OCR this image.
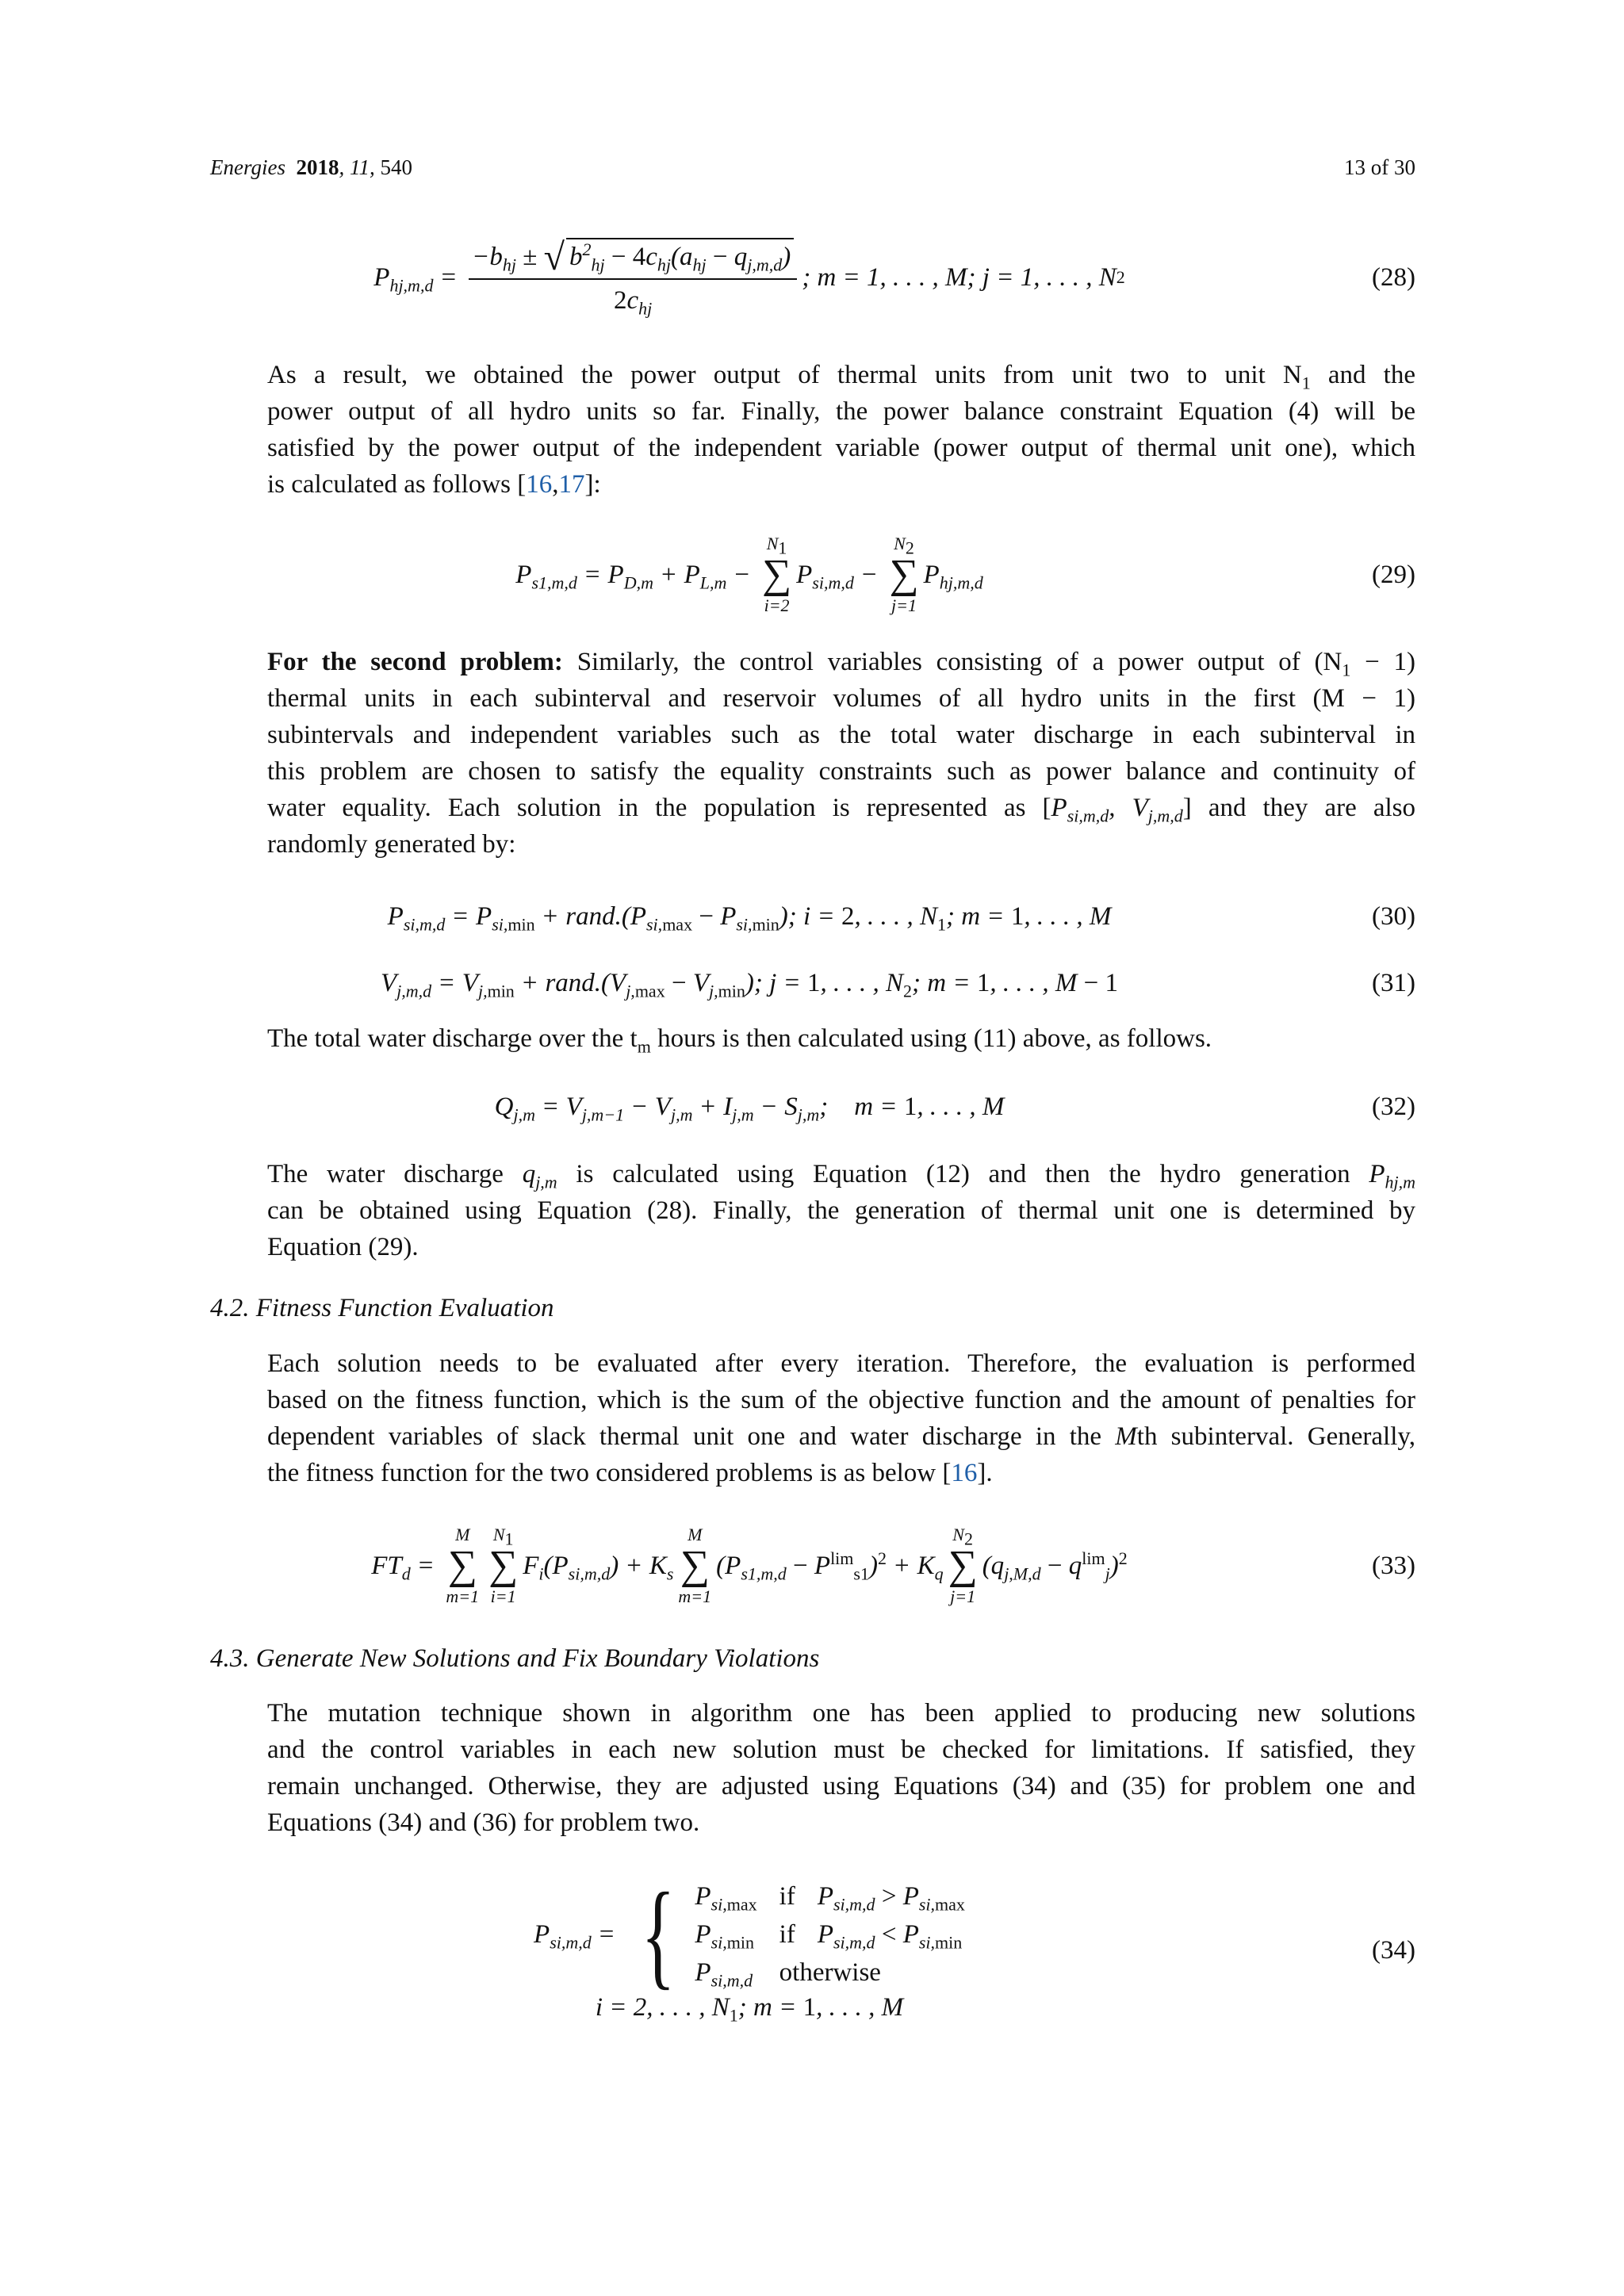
Energies 2018, 11, 540	13 of 30
$P_{hj,m,d} = \frac{-b_{hj} \pm √ b^2_{hj} - 4c_{hj}(a_{hj} - q_{j,m,d})}{2c_{hj}}$ ; m = 1, . . . , M; j = 1, . . . , N 2	(28)
As a result, we obtained the power output of thermal units from unit two to unit $N_1$ and the
power output of all hydro units so far. Finally, the power balance constraint Equation (4) will be
satisfied by the power output of the independent variable (power output of thermal unit one), which
is calculated as follows [16,17]:
$P_{s1,m,d} = P_{D,m} + P_{L,m}$ −
$N_1$
∑
i=2
$P_{si,m,d}$ −
$N_2$
∑
j=1
$P_{hj,m,d}$	(29)
For the second problem: Similarly, the control variables consisting of a power output of $(N_1 - 1)$
thermal units in each subinterval and reservoir volumes of all hydro units in the first (M − 1)
subintervals and independent variables such as the total water discharge in each subinterval in
this problem are chosen to satisfy the equality constraints such as power balance and continuity of
water equality. Each solution in the population is represented as [$P_{si,m,d}$, $V_{j,m,d}$] and they are also
randomly generated by:
$P_{si,m,d} = P_{si,min}$ + $rand.(P_{si,max} - P_{si,min})$;
i = 2, . . . , $N_1$; m = 1, . . . , M	(30)
$V_{j,m,d} = V_{j,min}$ + $rand.(V_{j,max} - V_{j,min})$;
j = 1, . . . , $N_2$; m = 1, . . . , M − 1	(31)
The total water discharge over the $t_m$ hours is then calculated using (11) above, as follows.
$Q_{j,m} = V_{j,m-1} - V_{j,m} + I_{j,m} - S_{j,m}$;
m = 1, . . . , M	(32)
The water discharge $q_{j,m}$ is calculated using Equation (12) and then the hydro generation $P_{hj,m}$
can be obtained using Equation (28). Finally, the generation of thermal unit one is determined by
Equation (29).
4.2. Fitness Function Evaluation
Each solution needs to be evaluated after every iteration. Therefore, the evaluation is performed
based on the fitness function, which is the sum of the objective function and the amount of penalties for
dependent variables of slack thermal unit one and water discharge in the Mth subinterval. Generally,
the fitness function for the two considered problems is as below [16].
$FT_d$ =
M
∑
m=1
$N_1$
∑
i=1
$F_i(P_{si,m,d}) + K_s$
M
∑
m=1
$(P_{s1,m,d} - P^{lim}_{s1})^2 + K_q$
$N_2$
∑
j=1
$(q_{j,M,d} - q^{lim}_j)^2$	(33)
4.3. Generate New Solutions and Fix Boundary Violations
The mutation technique shown in algorithm one has been applied to producing new solutions
and the control variables in each new solution must be checked for limitations. If satisfied, they
remain unchanged. Otherwise, they are adjusted using Equations (34) and (35) for problem one and
Equations (34) and (36) for problem two.
$P_{si,m,d}$ = { $P_{si,max}$ if $P_{si,m,d} > P_{si,max}$
$P_{si,min}$ if $P_{si,m,d} < P_{si,min}$
$P_{si,m,d}$ otherwise
i = 2, . . . , $N_1$; m = 1, . . . , M
(34)
